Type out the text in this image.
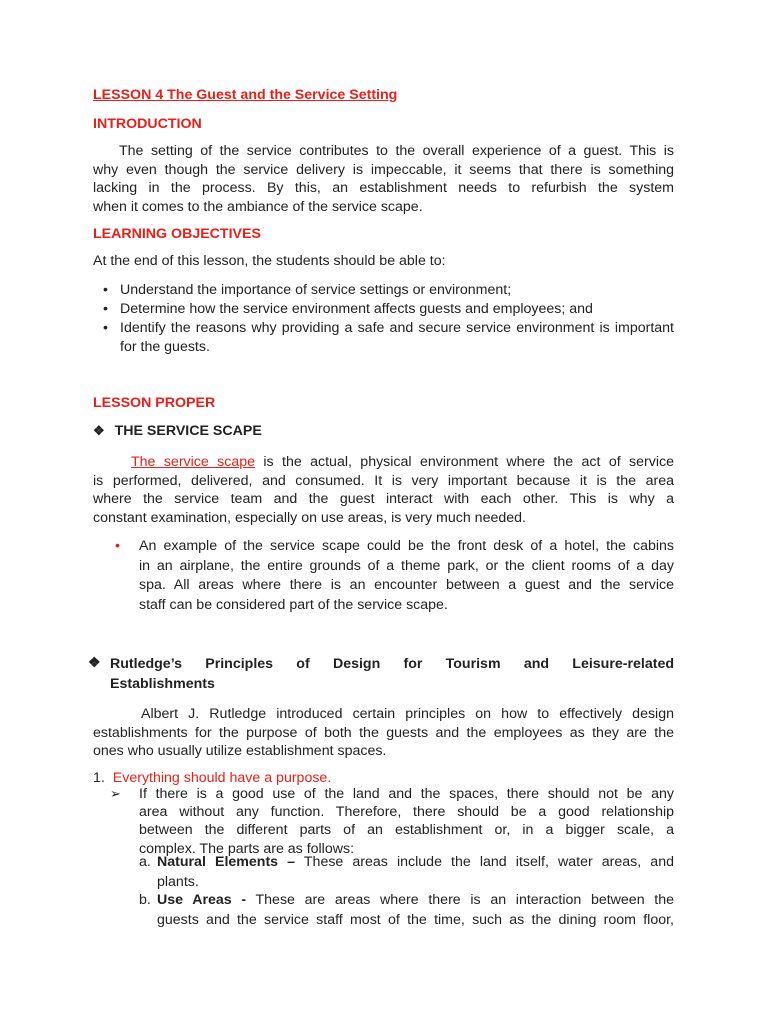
LESSON 4 The Guest and the Service Setting
INTRODUCTION
The setting of the service contributes to the overall experience of a guest. This is
why even though the service delivery is impeccable, it seems that there is something
lacking in the process. By this, an establishment needs to refurbish the system
when it comes to the ambiance of the service scape.
LEARNING OBJECTIVES
At the end of this lesson, the students should be able to:
• Understand the importance of service settings or environment;
• Determine how the service environment affects guests and employees; and
• Identify the reasons why providing a safe and secure service environment is important for the guests.
LESSON PROPER
❖ THE SERVICE SCAPE
The service scape is the actual, physical environment where the act of service
is performed, delivered, and consumed. It is very important because it is the area
where the service team and the guest interact with each other. This is why a
constant examination, especially on use areas, is very much needed.
• An example of the service scape could be the front desk of a hotel, the cabins
in an airplane, the entire grounds of a theme park, or the client rooms of a day
spa. All areas where there is an encounter between a guest and the service
staff can be considered part of the service scape.
❖ Rutledge’s Principles of Design for Tourism and Leisure-related
Establishments
Albert J. Rutledge introduced certain principles on how to effectively design
establishments for the purpose of both the guests and the employees as they are the
ones who usually utilize establishment spaces.
1. Everything should have a purpose.
➢ If there is a good use of the land and the spaces, there should not be any
area without any function. Therefore, there should be a good relationship
between the different parts of an establishment or, in a bigger scale, a
complex. The parts are as follows:
a. Natural Elements – These areas include the land itself, water areas, and
plants.
b. Use Areas - These are areas where there is an interaction between the
guests and the service staff most of the time, such as the dining room floor,
